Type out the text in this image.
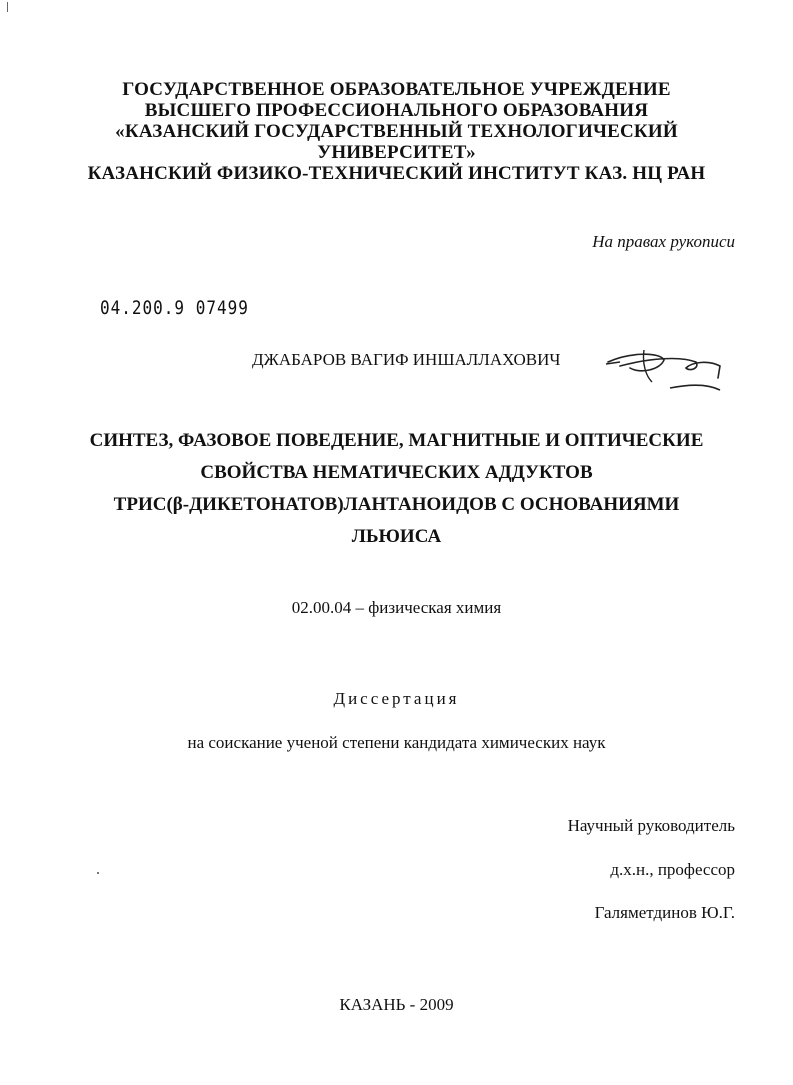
ГОСУДАРСТВЕННОЕ ОБРАЗОВАТЕЛЬНОЕ УЧРЕЖДЕНИЕ
ВЫСШЕГО ПРОФЕССИОНАЛЬНОГО ОБРАЗОВАНИЯ
«КАЗАНСКИЙ ГОСУДАРСТВЕННЫЙ ТЕХНОЛОГИЧЕСКИЙ
УНИВЕРСИТЕТ»
КАЗАНСКИЙ ФИЗИКО-ТЕХНИЧЕСКИЙ ИНСТИТУТ КАЗ. НЦ РАН
На правах рукописи
04.200.9 07499
ДЖАБАРОВ ВАГИФ ИНШАЛЛАХОВИЧ
СИНТЕЗ, ФАЗОВОЕ ПОВЕДЕНИЕ, МАГНИТНЫЕ И ОПТИЧЕСКИЕ
СВОЙСТВА НЕМАТИЧЕСКИХ АДДУКТОВ
ТРИС(β-ДИКЕТОНАТОВ)ЛАНТАНОИДОВ С ОСНОВАНИЯМИ
ЛЬЮИСА
02.00.04 – физическая химия
Диссертация
на соискание ученой степени кандидата химических наук
Научный руководитель
д.х.н., профессор
Галяметдинов Ю.Г.
КАЗАНЬ - 2009
